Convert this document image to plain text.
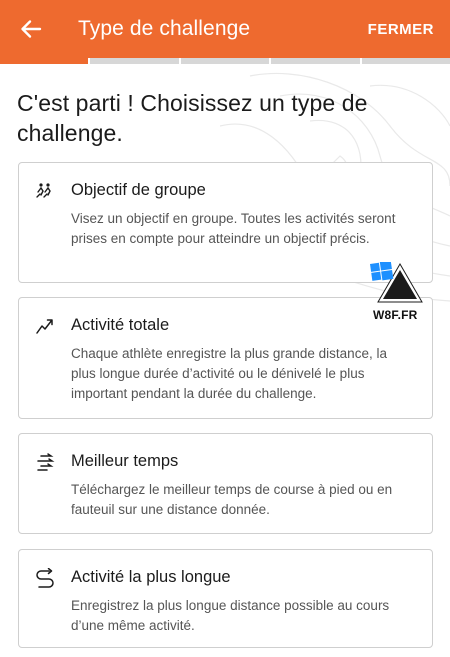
Type de challenge	FERMER
C'est parti ! Choisissez un type de challenge.
Objectif de groupe
Visez un objectif en groupe. Toutes les activités seront prises en compte pour atteindre un objectif précis.
Activité totale
Chaque athlète enregistre la plus grande distance, la plus longue durée d’activité ou le dénivelé le plus important pendant la durée du challenge.
Meilleur temps
Téléchargez le meilleur temps de course à pied ou en fauteuil sur une distance donnée.
Activité la plus longue
Enregistrez la plus longue distance possible au cours d’une même activité.
W8F.FR
